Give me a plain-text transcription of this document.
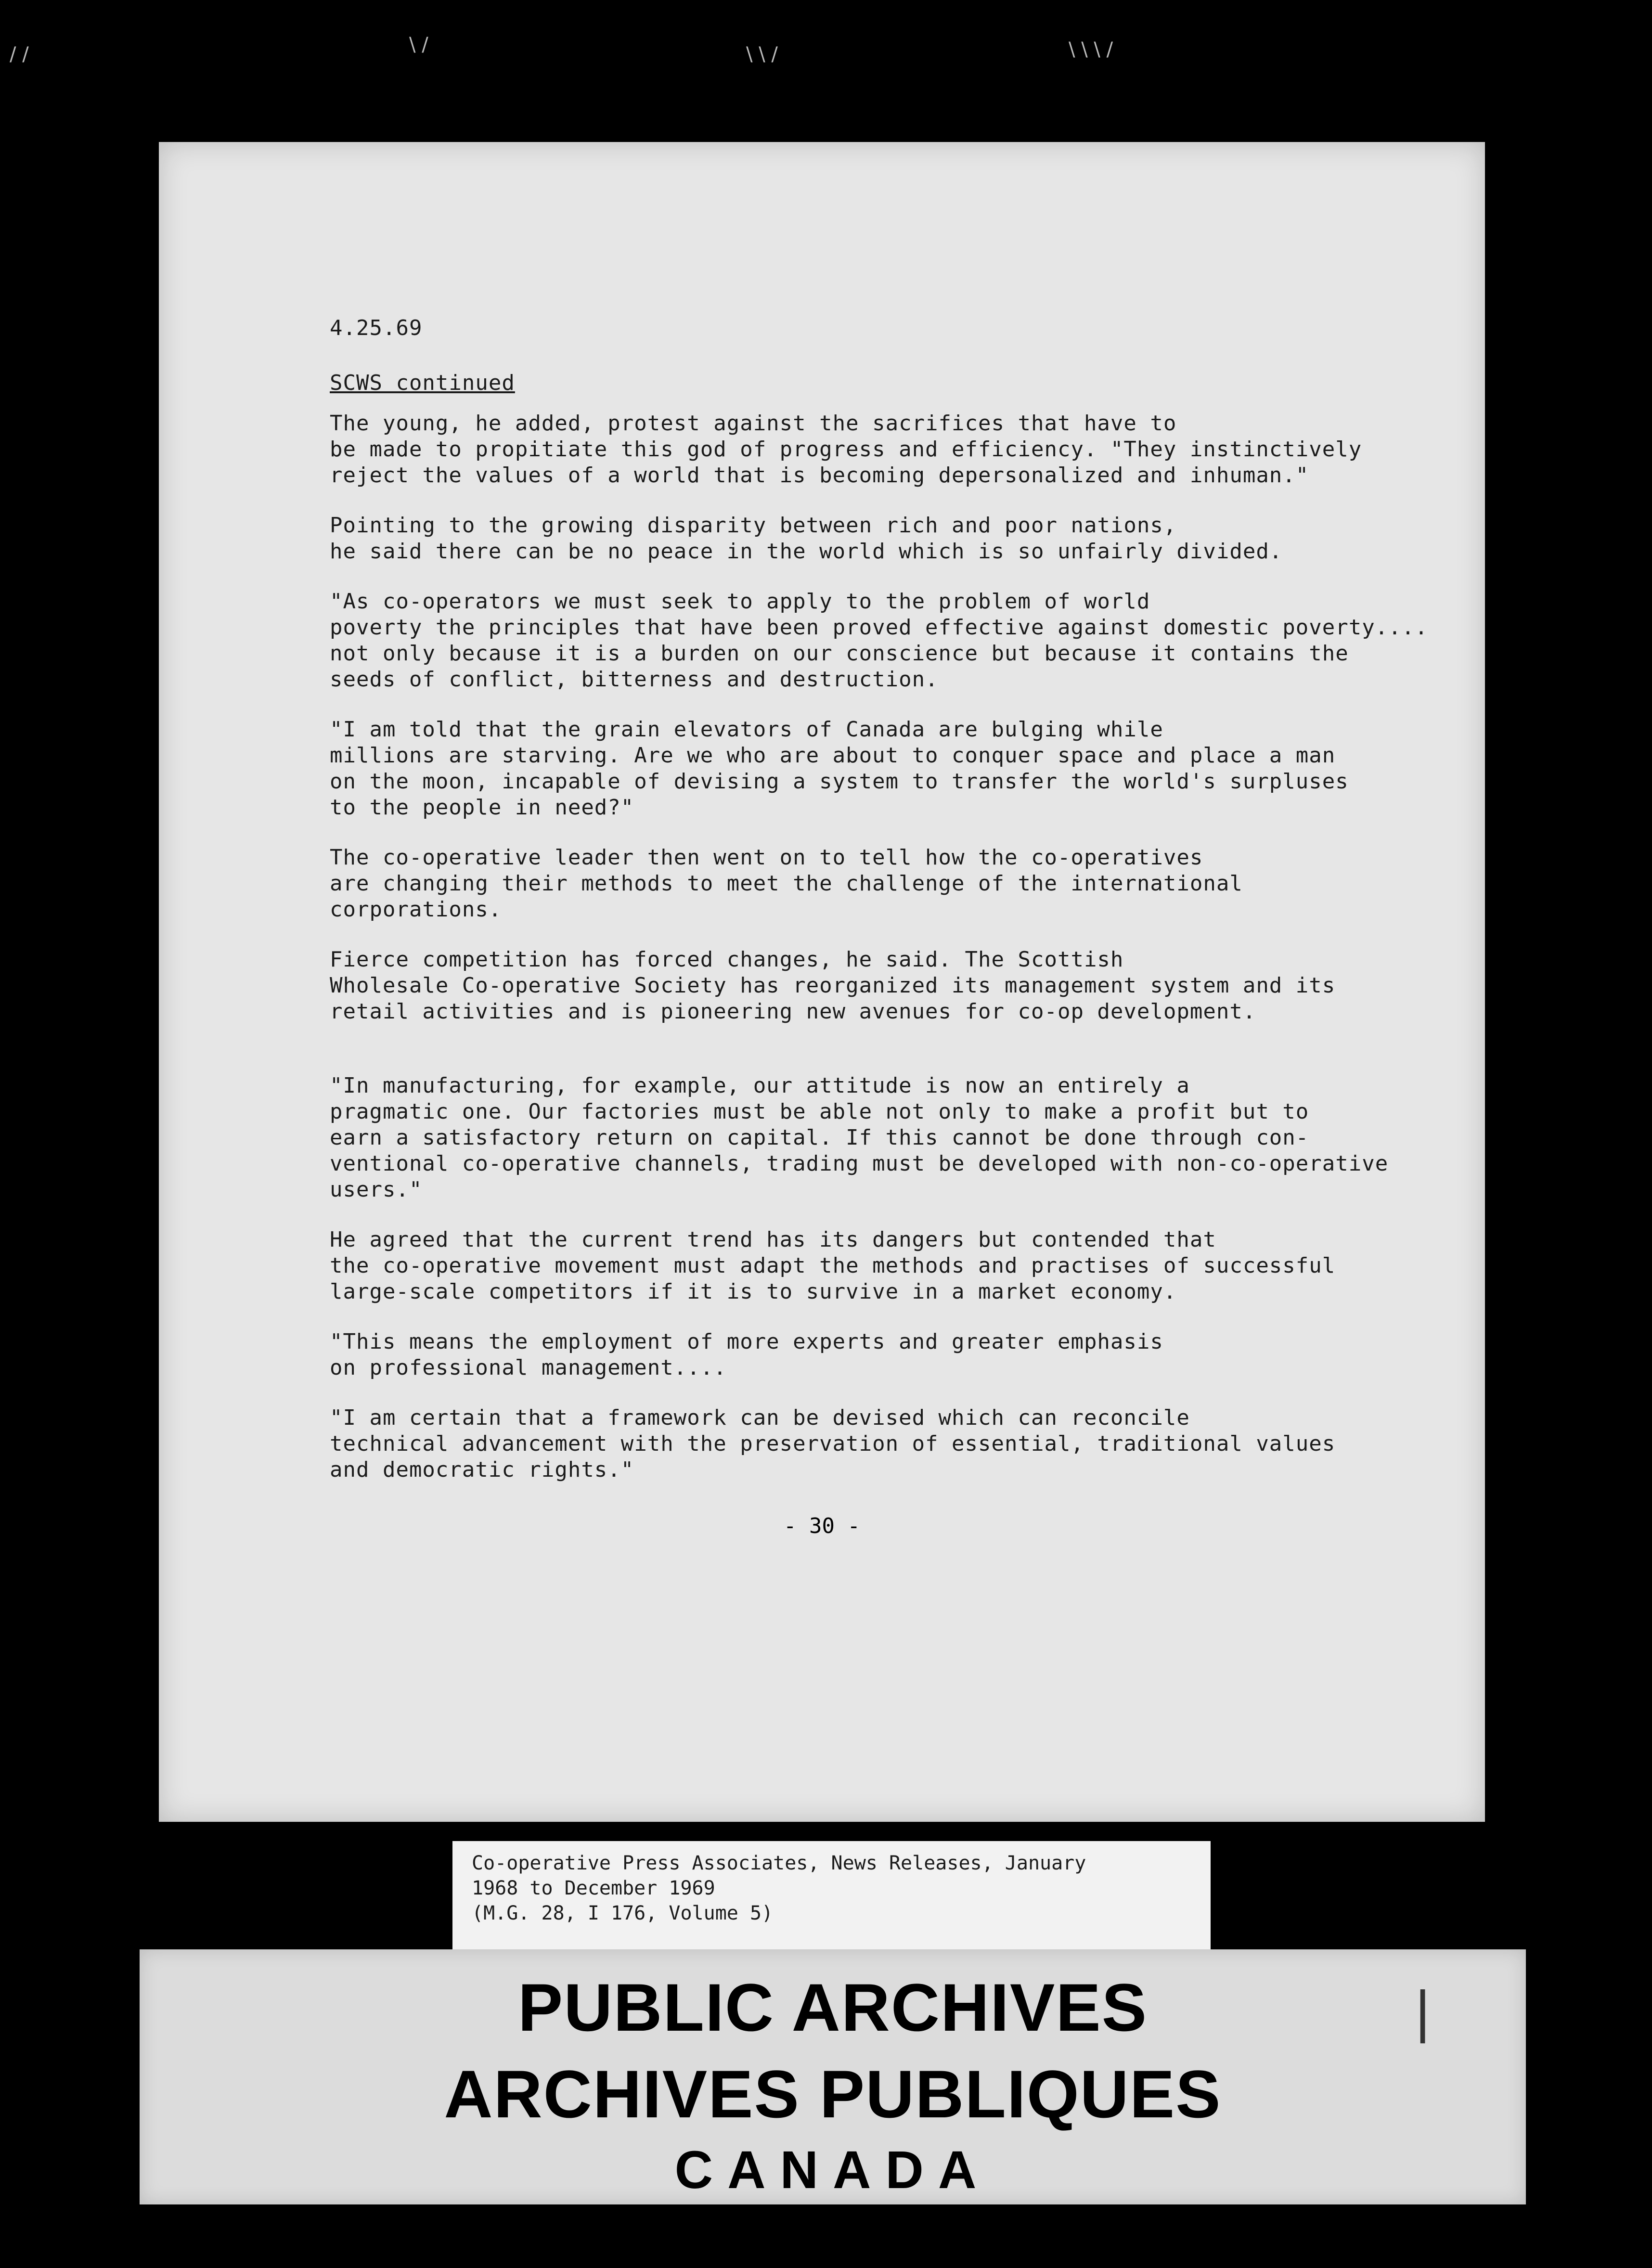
/ /	\ /	\ \ /	\ \ \ /
4.25.69
SCWS continued
The young, he added, protest against the sacrifices that have to
be made to propitiate this god of progress and efficiency. "They instinctively
reject the values of a world that is becoming depersonalized and inhuman."
Pointing to the growing disparity between rich and poor nations,
he said there can be no peace in the world which is so unfairly divided.
"As co-operators we must seek to apply to the problem of world
poverty the principles that have been proved effective against domestic poverty....
not only because it is a burden on our conscience but because it contains the
seeds of conflict, bitterness and destruction.
"I am told that the grain elevators of Canada are bulging while
millions are starving. Are we who are about to conquer space and place a man
on the moon, incapable of devising a system to transfer the world's surpluses
to the people in need?"
The co-operative leader then went on to tell how the co-operatives
are changing their methods to meet the challenge of the international
corporations.
Fierce competition has forced changes, he said. The Scottish
Wholesale Co-operative Society has reorganized its management system and its
retail activities and is pioneering new avenues for co-op development.
"In manufacturing, for example, our attitude is now an entirely a
pragmatic one. Our factories must be able not only to make a profit but to
earn a satisfactory return on capital. If this cannot be done through con-
ventional co-operative channels, trading must be developed with non-co-operative
users."
He agreed that the current trend has its dangers but contended that
the co-operative movement must adapt the methods and practises of successful
large-scale competitors if it is to survive in a market economy.
"This means the employment of more experts and greater emphasis
on professional management....
"I am certain that a framework can be devised which can reconcile
technical advancement with the preservation of essential, traditional values
and democratic rights."
- 30 -
Co-operative Press Associates, News Releases, January
1968 to December 1969
(M.G. 28, I 176, Volume 5)
PUBLIC ARCHIVES
ARCHIVES PUBLIQUES
CANADA
|
